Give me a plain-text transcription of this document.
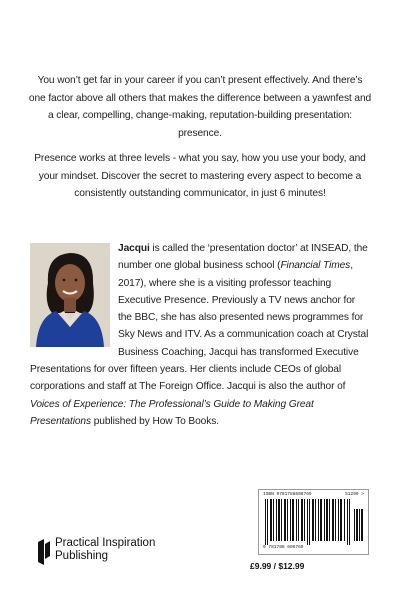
You won’t get far in your career if you can’t present effectively. And there’s one factor above all others that makes the difference between a yawnfest and a clear, compelling, change-making, reputation-building presentation: presence.

Presence works at three levels - what you say, how you use your body, and your mindset. Discover the secret to mastering every aspect to become a consistently outstanding communicator, in just 6 minutes!

Jacqui is called the ‘presentation doctor’ at INSEAD, the number one global business school (Financial Times, 2017), where she is a visiting professor teaching Executive Presence. Previously a TV news anchor for the BBC, she has also presented news programmes for Sky News and ITV. As a communication coach at Crystal Business Coaching, Jacqui has transformed Executive Presentations for over fifteen years. Her clients include CEOs of global corporations and staff at The Foreign Office. Jacqui is also the author of Voices of Experience: The Professional’s Guide to Making Great Presentations published by How To Books.
Practical Inspiration
Publishing
ISBN 9781788606769	51299 >
9 781788 606769
£9.99 / $12.99
